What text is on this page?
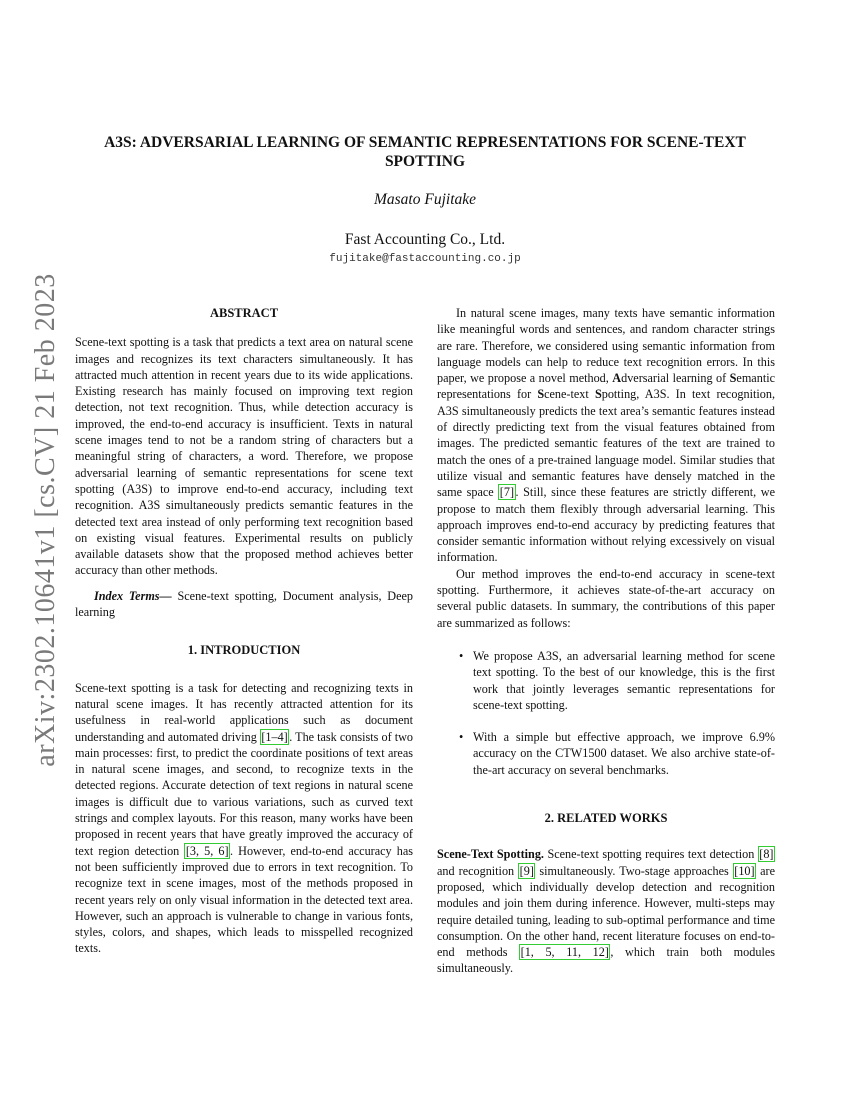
arXiv:2302.10641v1 [cs.CV] 21 Feb 2023
A3S: ADVERSARIAL LEARNING OF SEMANTIC REPRESENTATIONS FOR SCENE-TEXT
SPOTTING
Masato Fujitake
Fast Accounting Co., Ltd.
fujitake@fastaccounting.co.jp
ABSTRACT

Scene-text spotting is a task that predicts a text area on natural scene images and recognizes its text characters simultaneously. It has attracted much attention in recent years due to its wide applications. Existing research has mainly focused on improving text region detection, not text recognition. Thus, while detection accuracy is improved, the end-to-end accuracy is insufficient. Texts in natural scene images tend to not be a random string of characters but a meaningful string of characters, a word. Therefore, we propose adversarial learning of semantic representations for scene text spotting (A3S) to improve end-to-end accuracy, including text recognition. A3S simultaneously predicts semantic features in the detected text area instead of only performing text recognition based on existing visual features. Experimental results on publicly available datasets show that the proposed method achieves better accuracy than other methods.

Index Terms— Scene-text spotting, Document analysis, Deep learning

1. INTRODUCTION

Scene-text spotting is a task for detecting and recognizing texts in natural scene images. It has recently attracted attention for its usefulness in real-world applications such as document understanding and automated driving [1–4] . The task consists of two main processes: first, to predict the coordinate positions of text areas in natural scene images, and second, to recognize texts in the detected regions. Accurate detection of text regions in natural scene images is difficult due to various variations, such as curved text strings and complex layouts. For this reason, many works have been proposed in recent years that have greatly improved the accuracy of text region detection [3, 5, 6] . However, end-to-end accuracy has not been sufficiently improved due to errors in text recognition. To recognize text in scene images, most of the methods proposed in recent years rely on only visual information in the detected text area. However, such an approach is vulnerable to change in various fonts, styles, colors, and shapes, which leads to misspelled recognized texts.

In natural scene images, many texts have semantic information like meaningful words and sentences, and random character strings are rare. Therefore, we considered using semantic information from language models can help to reduce text recognition errors. In this paper, we propose a novel method, Adversarial learning of Semantic representations for Scene-text Spotting, A3S. In text recognition, A3S simultaneously predicts the text area’s semantic features instead of directly predicting text from the visual features obtained from images. The predicted semantic features of the text are trained to match the ones of a pre-trained language model. Similar studies that utilize visual and semantic features have densely matched in the same space [7] . Still, since these features are strictly different, we propose to match them flexibly through adversarial learning. This approach improves end-to-end accuracy by predicting features that consider semantic information without relying excessively on visual information.

Our method improves the end-to-end accuracy in scene-text spotting. Furthermore, it achieves state-of-the-art accuracy on several public datasets. In summary, the contributions of this paper are summarized as follows:

• We propose A3S, an adversarial learning method for scene text spotting. To the best of our knowledge, this is the first work that jointly leverages semantic representations for scene-text spotting.
• With a simple but effective approach, we improve 6.9% accuracy on the CTW1500 dataset. We also archive state-of-the-art accuracy on several benchmarks.
2. RELATED WORKS

Scene-Text Spotting. Scene-text spotting requires text detection [8] and recognition [9] simultaneously. Two-stage approaches [10] are proposed, which individually develop detection and recognition modules and join them during inference. However, multi-steps may require detailed tuning, leading to sub-optimal performance and time consumption. On the other hand, recent literature focuses on end-to-end methods [1, 5, 11, 12] , which train both modules simultaneously.
